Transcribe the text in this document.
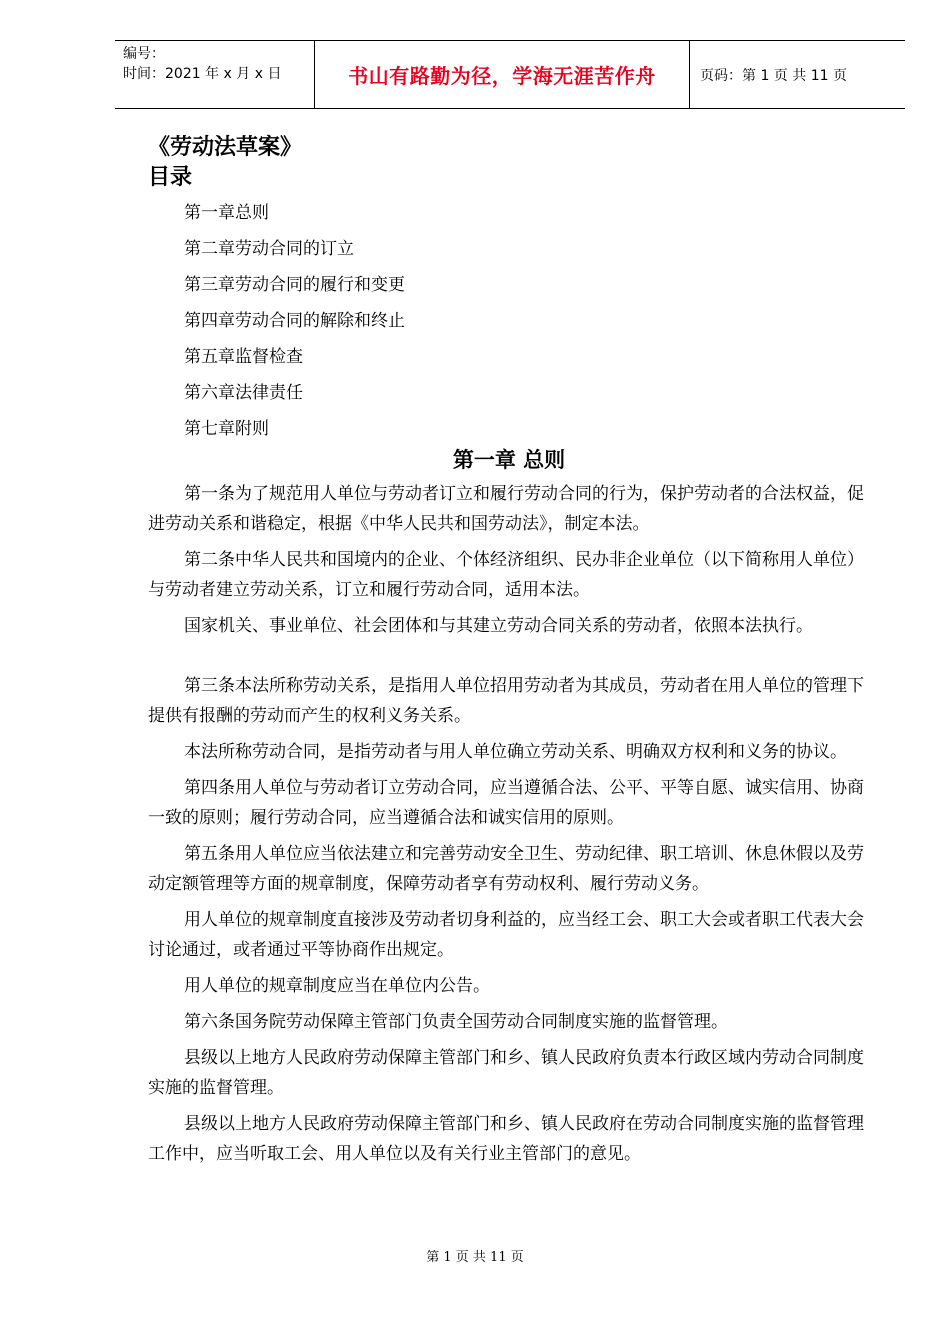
编号：
时间：2021 年 x 月 x 日	书山有路勤为径，学海无涯苦作舟	页码：第 1 页 共 11 页
《劳动法草案》
目录
第一章总则
第二章劳动合同的订立
第三章劳动合同的履行和变更
第四章劳动合同的解除和终止
第五章监督检查
第六章法律责任
第七章附则
第一章 总则

第一条为了规范用人单位与劳动者订立和履行劳动合同的行为，保护劳动者的合法权益，促进劳动关系和谐稳定，根据《中华人民共和国劳动法》，制定本法。

第二条中华人民共和国境内的企业、个体经济组织、民办非企业单位（以下简称用人单位）与劳动者建立劳动关系，订立和履行劳动合同，适用本法。

国家机关、事业单位、社会团体和与其建立劳动合同关系的劳动者，依照本法执行。

第三条本法所称劳动关系，是指用人单位招用劳动者为其成员，劳动者在用人单位的管理下提供有报酬的劳动而产生的权利义务关系。

本法所称劳动合同，是指劳动者与用人单位确立劳动关系、明确双方权利和义务的协议。

第四条用人单位与劳动者订立劳动合同，应当遵循合法、公平、平等自愿、诚实信用、协商一致的原则；履行劳动合同，应当遵循合法和诚实信用的原则。

第五条用人单位应当依法建立和完善劳动安全卫生、劳动纪律、职工培训、休息休假以及劳动定额管理等方面的规章制度，保障劳动者享有劳动权利、履行劳动义务。

用人单位的规章制度直接涉及劳动者切身利益的，应当经工会、职工大会或者职工代表大会讨论通过，或者通过平等协商作出规定。

用人单位的规章制度应当在单位内公告。

第六条国务院劳动保障主管部门负责全国劳动合同制度实施的监督管理。

县级以上地方人民政府劳动保障主管部门和乡、镇人民政府负责本行政区域内劳动合同制度实施的监督管理。

县级以上地方人民政府劳动保障主管部门和乡、镇人民政府在劳动合同制度实施的监督管理工作中，应当听取工会、用人单位以及有关行业主管部门的意见。

第 1 页 共 11 页
